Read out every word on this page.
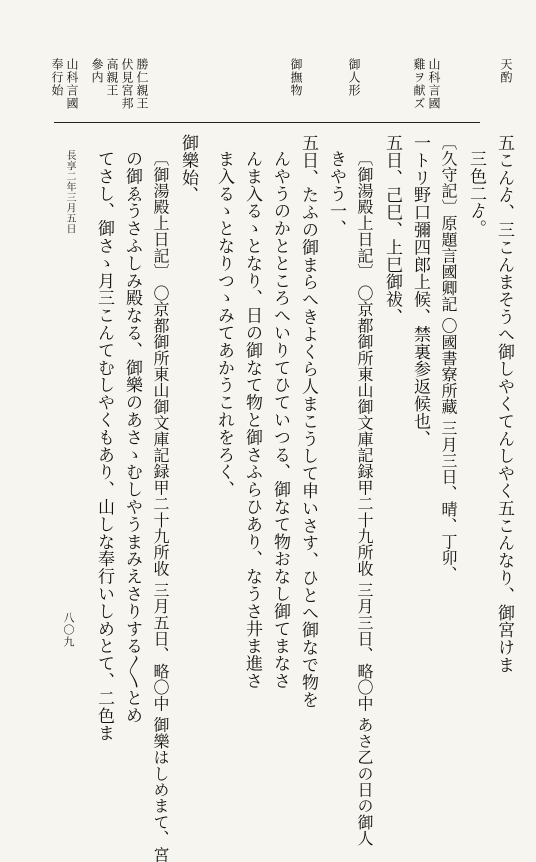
天酌
山科言國
雞ヲ献ズ
御人形
御撫物
勝仁親王
伏見宮邦
高親王
參内
山科言國
奉行始
五こんゟ、三こんまそうへ御しやくてんしやく五こんなり、御宮けま
三色二ゟ。
〔久守記〕原題言國卿記 〇國書寮所藏 三月三日、晴、丁卯、
一トリ野口彌四郎上候、禁裏参返候也、
五日、己巳、上巳御祓、
〔御湯殿上日記〕 〇京都御所東山御文庫記録甲二十九所收 三月三日、略〇中 あさ乙の日の御人
きやう一、
五日、たふの御まらへきよくら人まこうして申いさす、ひとへ御なで物を
んやうのかとところへいりてひていつる、御なて物おなし御てまなさ
んま入るゝとなり、日の御なて物と御さふらひあり、なうさ井ま進さ
ま入るゝとなりつゝみてあかうこれをろく、
御樂始、
〔御湯殿上日記〕 〇京都御所東山御文庫記録甲二十九所收 三月五日、略〇中 御樂はしめまて、宮
の御ゑうさふしみ殿なる、御樂のあさゝむしやうまみえさりする〳〵とめ
てさし、御さゝ月三こんてむしやくもあり、山しな奉行いしめとて、二色ま
長享二年三月五日
八〇九
